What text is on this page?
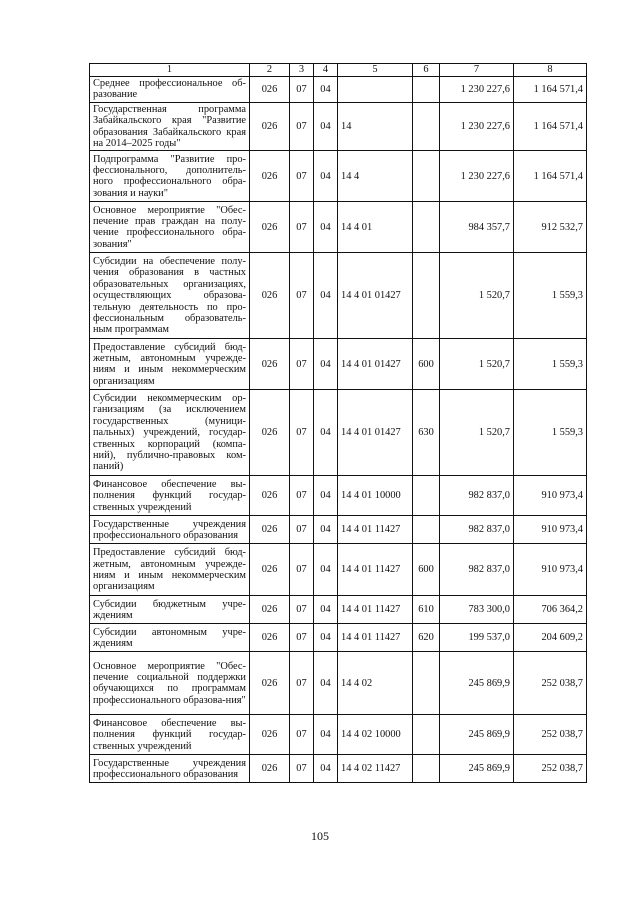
1	2	3	4	5	6	7	8
Среднее профессиональное об-разование	026	07	04			1 230 227,6	1 164 571,4
Государственная программа Забайкальского края "Развитие образования Забайкальского края на 2014–2025 годы"	026	07	04	14		1 230 227,6	1 164 571,4
Подпрограмма "Развитие про-фессионального, дополнитель-ного профессионального обра-зования и науки"	026	07	04	14 4		1 230 227,6	1 164 571,4
Основное мероприятие "Обес-печение прав граждан на полу-чение профессионального обра-зования"	026	07	04	14 4 01		984 357,7	912 532,7
Субсидии на обеспечение полу-чения образования в частных образовательных организациях, осуществляющих образова-тельную деятельность по про-фессиональным образователь-ным программам	026	07	04	14 4 01 01427		1 520,7	1 559,3
Предоставление субсидий бюд-жетным, автономным учрежде-ниям и иным некоммерческим организациям	026	07	04	14 4 01 01427	600	1 520,7	1 559,3
Субсидии некоммерческим ор-ганизациям (за исключением государственных (муници-пальных) учреждений, государ-ственных корпораций (компа-ний), публично-правовых ком-паний)	026	07	04	14 4 01 01427	630	1 520,7	1 559,3
Финансовое обеспечение вы-полнения функций государ-ственных учреждений	026	07	04	14 4 01 10000		982 837,0	910 973,4
Государственные учреждения профессионального образования	026	07	04	14 4 01 11427		982 837,0	910 973,4
Предоставление субсидий бюд-жетным, автономным учрежде-ниям и иным некоммерческим организациям	026	07	04	14 4 01 11427	600	982 837,0	910 973,4
Субсидии бюджетным учре-ждениям	026	07	04	14 4 01 11427	610	783 300,0	706 364,2
Субсидии автономным учре-ждениям	026	07	04	14 4 01 11427	620	199 537,0	204 609,2
Основное мероприятие "Обес-печение социальной поддержки обучающихся по программам профессионального образова-ния"	026	07	04	14 4 02		245 869,9	252 038,7
Финансовое обеспечение вы-полнения функций государ-ственных учреждений	026	07	04	14 4 02 10000		245 869,9	252 038,7
Государственные учреждения профессионального образования	026	07	04	14 4 02 11427		245 869,9	252 038,7
105
